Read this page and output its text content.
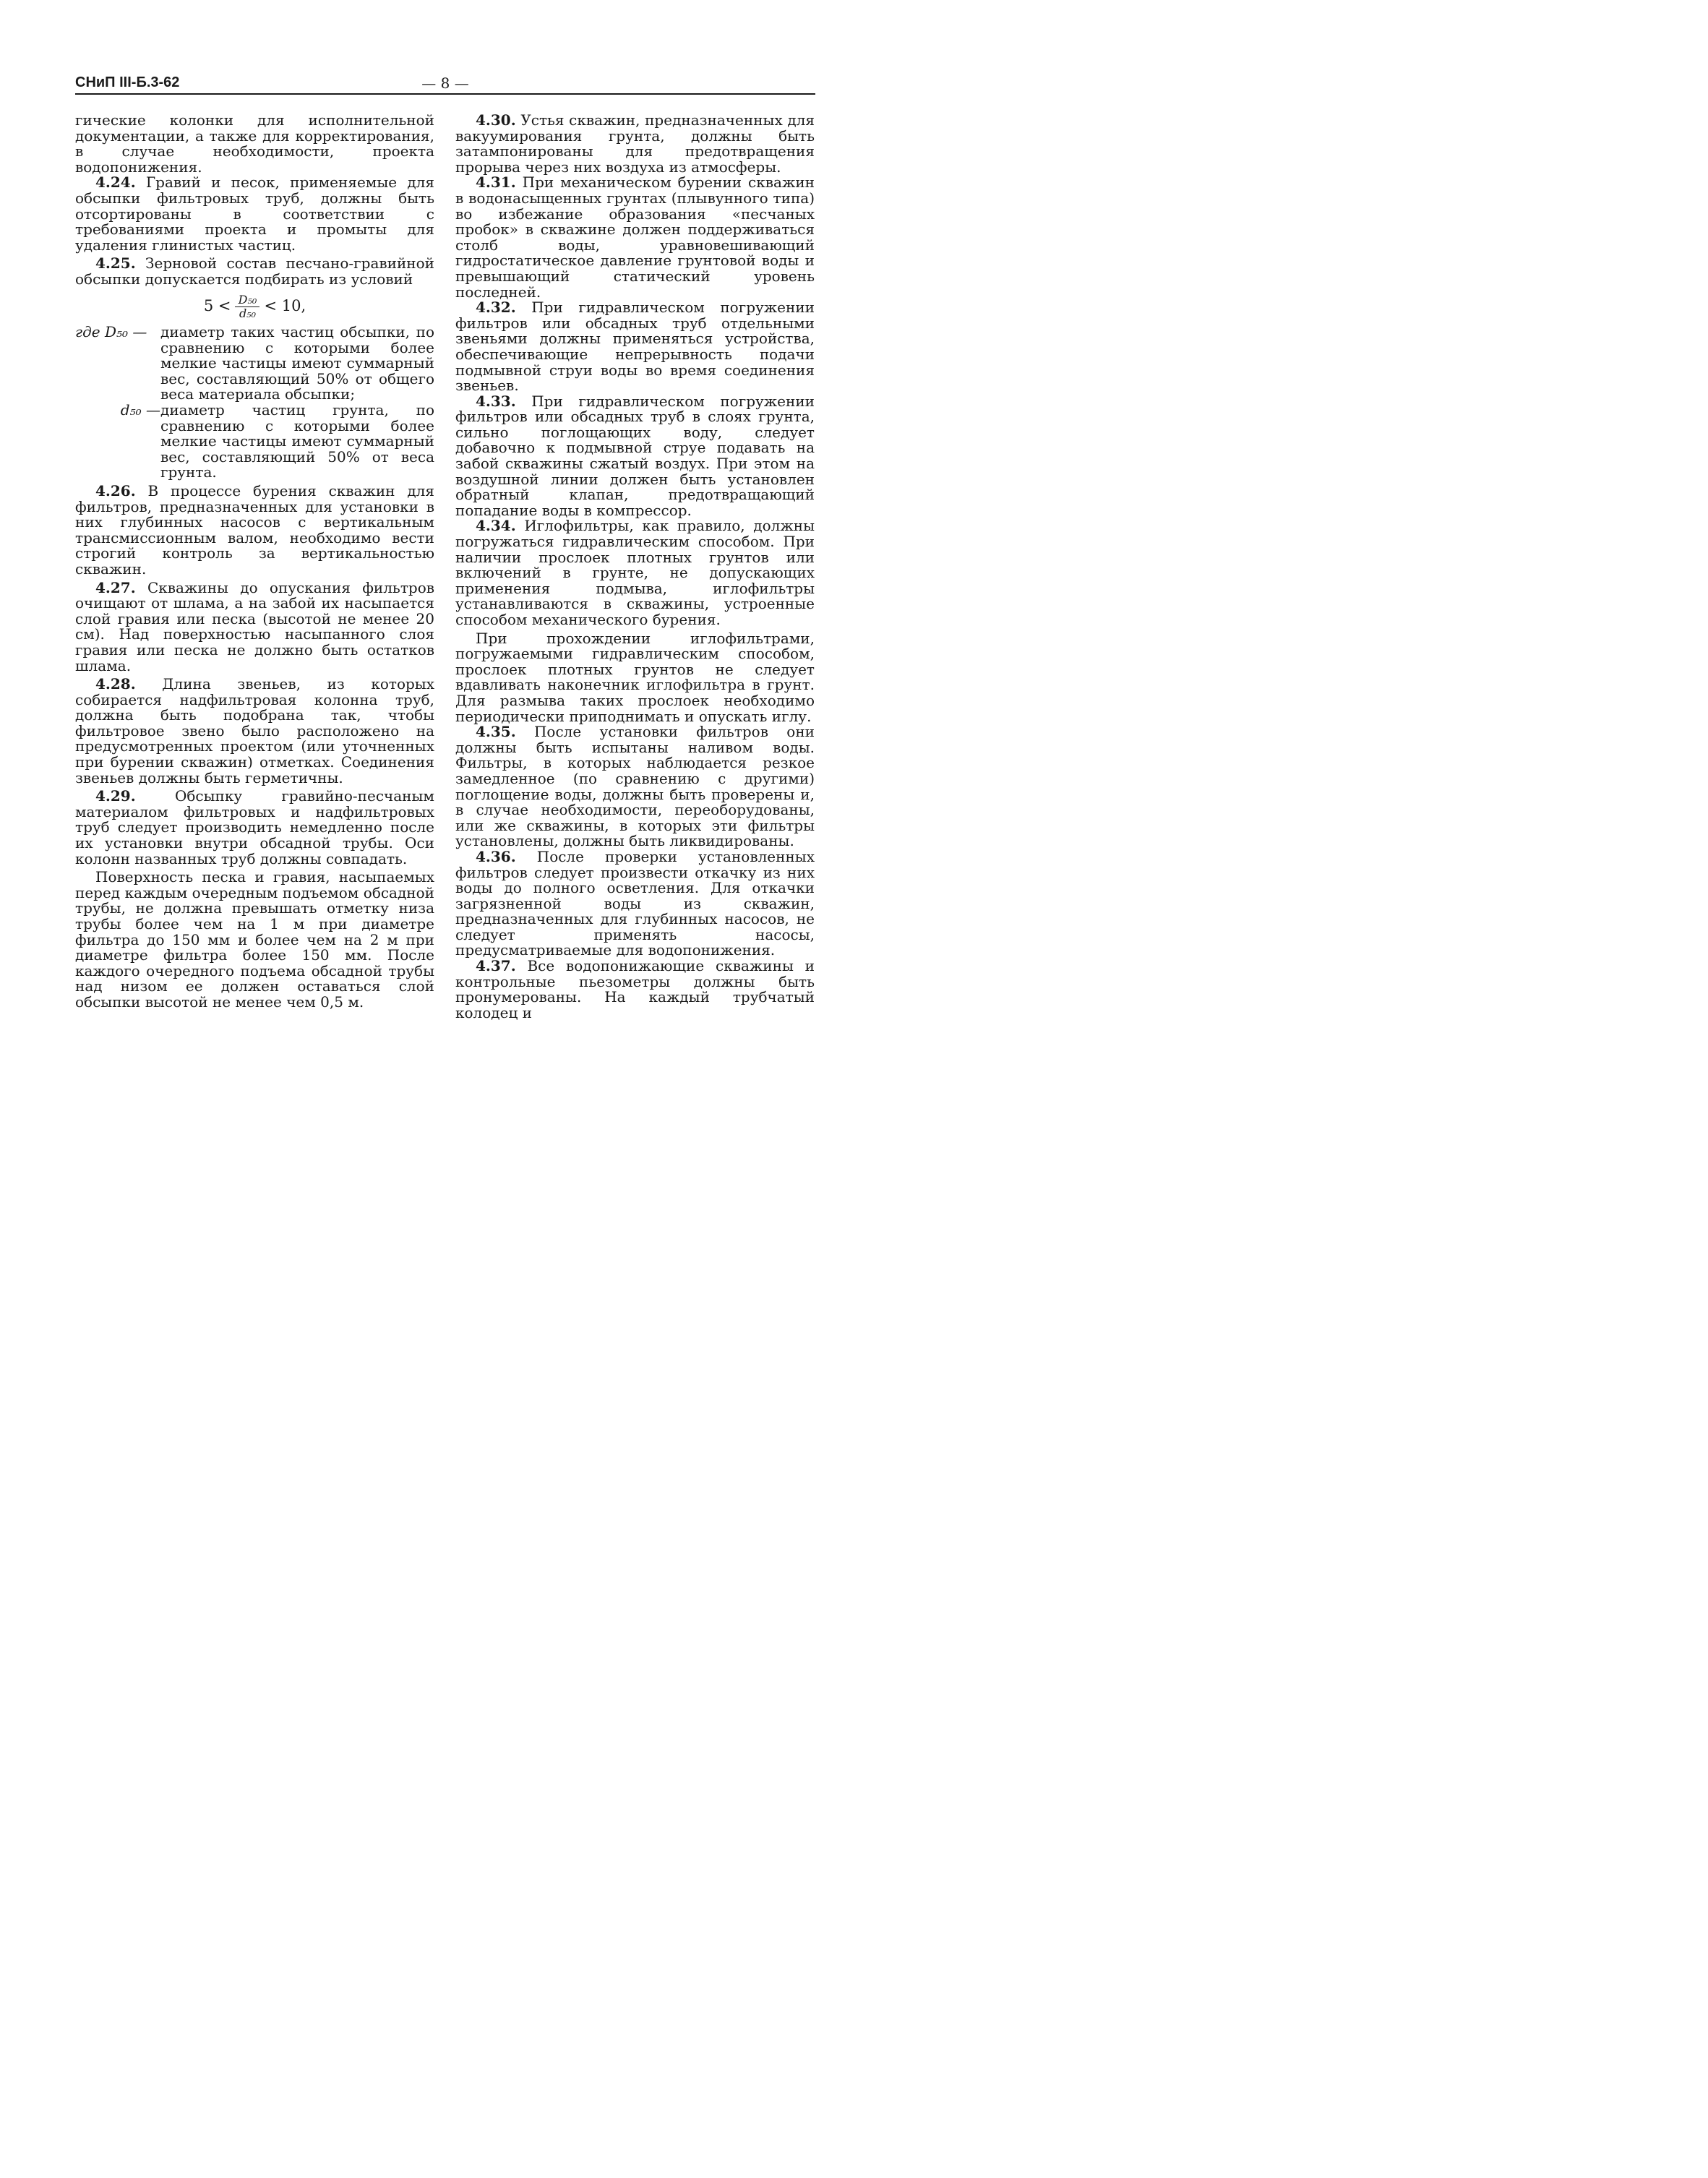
СНиП III-Б.3-62	— 8 —

гические колонки для исполнительной документации, а также для корректирования, в случае необходимости, проекта водопонижения.

4.24. Гравий и песок, применяемые для обсыпки фильтровых труб, должны быть отсортированы в соответствии с требованиями проекта и промыты для удаления глинистых частиц.

4.25. Зерновой состав песчано-гравийной обсыпки допускается подбирать из условий

$5 < \frac{\text{D₅₀}}{\text{d₅₀}} < 10$,
где D₅₀ — диаметр таких частиц обсыпки, по сравнению с которыми более мелкие частицы имеют суммарный вес, составляющий 50% от общего веса материала обсыпки;
d₅₀ — диаметр частиц грунта, по сравнению с которыми более мелкие частицы имеют суммарный вес, составляющий 50% от веса грунта.

4.26. В процессе бурения скважин для фильтров, предназначенных для установки в них глубинных насосов с вертикальным трансмиссионным валом, необходимо вести строгий контроль за вертикальностью скважин.

4.27. Скважины до опускания фильтров очищают от шлама, а на забой их насыпается слой гравия или песка (высотой не менее 20 см). Над поверхностью насыпанного слоя гравия или песка не должно быть остатков шлама.

4.28. Длина звеньев, из которых собирается надфильтровая колонна труб, должна быть подобрана так, чтобы фильтровое звено было расположено на предусмотренных проектом (или уточненных при бурении скважин) отметках. Соединения звеньев должны быть герметичны.

4.29. Обсыпку гравийно-песчаным материалом фильтровых и надфильтровых труб следует производить немедленно после их установки внутри обсадной трубы. Оси колонн названных труб должны совпадать.

Поверхность песка и гравия, насыпаемых перед каждым очередным подъемом обсадной трубы, не должна превышать отметку низа трубы более чем на 1 м при диаметре фильтра до 150 мм и более чем на 2 м при диаметре фильтра более 150 мм. После каждого очередного подъема обсадной трубы над низом ее должен оставаться слой обсыпки высотой не менее чем 0,5 м.

4.30. Устья скважин, предназначенных для вакуумирования грунта, должны быть затампонированы для предотвращения прорыва через них воздуха из атмосферы.

4.31. При механическом бурении скважин в водонасыщенных грунтах (плывунного типа) во избежание образования «песчаных пробок» в скважине должен поддерживаться столб воды, уравновешивающий гидростатическое давление грунтовой воды и превышающий статический уровень последней.

4.32. При гидравлическом погружении фильтров или обсадных труб отдельными звеньями должны применяться устройства, обеспечивающие непрерывность подачи подмывной струи воды во время соединения звеньев.

4.33. При гидравлическом погружении фильтров или обсадных труб в слоях грунта, сильно поглощающих воду, следует добавочно к подмывной струе подавать на забой скважины сжатый воздух. При этом на воздушной линии должен быть установлен обратный клапан, предотвращающий попадание воды в компрессор.

4.34. Иглофильтры, как правило, должны погружаться гидравлическим способом. При наличии прослоек плотных грунтов или включений в грунте, не допускающих применения подмыва, иглофильтры устанавливаются в скважины, устроенные способом механического бурения.

При прохождении иглофильтрами, погружаемыми гидравлическим способом, прослоек плотных грунтов не следует вдавливать наконечник иглофильтра в грунт. Для размыва таких прослоек необходимо периодически приподнимать и опускать иглу.

4.35. После установки фильтров они должны быть испытаны наливом воды. Фильтры, в которых наблюдается резкое замедленное (по сравнению с другими) поглощение воды, должны быть проверены и, в случае необходимости, переоборудованы, или же скважины, в которых эти фильтры установлены, должны быть ликвидированы.

4.36. После проверки установленных фильтров следует произвести откачку из них воды до полного осветления. Для откачки загрязненной воды из скважин, предназначенных для глубинных насосов, не следует применять насосы, предусматриваемые для водопонижения.

4.37. Все водопонижающие скважины и контрольные пьезометры должны быть пронумерованы. На каждый трубчатый колодец и
